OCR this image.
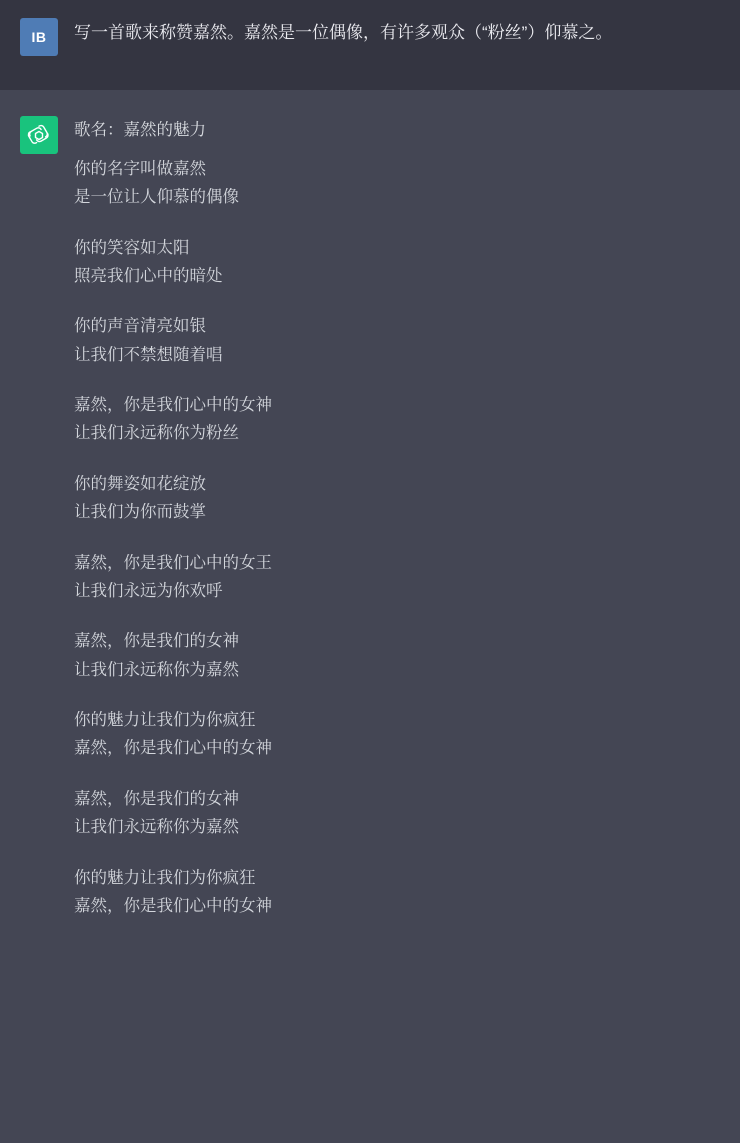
IB 写一首歌来称赞嘉然。嘉然是一位偶像，有许多观众（“粉丝”）仰慕之。
歌名：嘉然的魅力
你的名字叫做嘉然
是一位让人仰慕的偶像
你的笑容如太阳
照亮我们心中的暗处
你的声音清亮如银
让我们不禁想随着唱
嘉然，你是我们心中的女神
让我们永远称你为粉丝
你的舞姿如花绽放
让我们为你而鼓掌
嘉然，你是我们心中的女王
让我们永远为你欢呼
嘉然，你是我们的女神
让我们永远称你为嘉然
你的魅力让我们为你疯狂
嘉然，你是我们心中的女神
嘉然，你是我们的女神
让我们永远称你为嘉然
你的魅力让我们为你疯狂
嘉然，你是我们心中的女神
